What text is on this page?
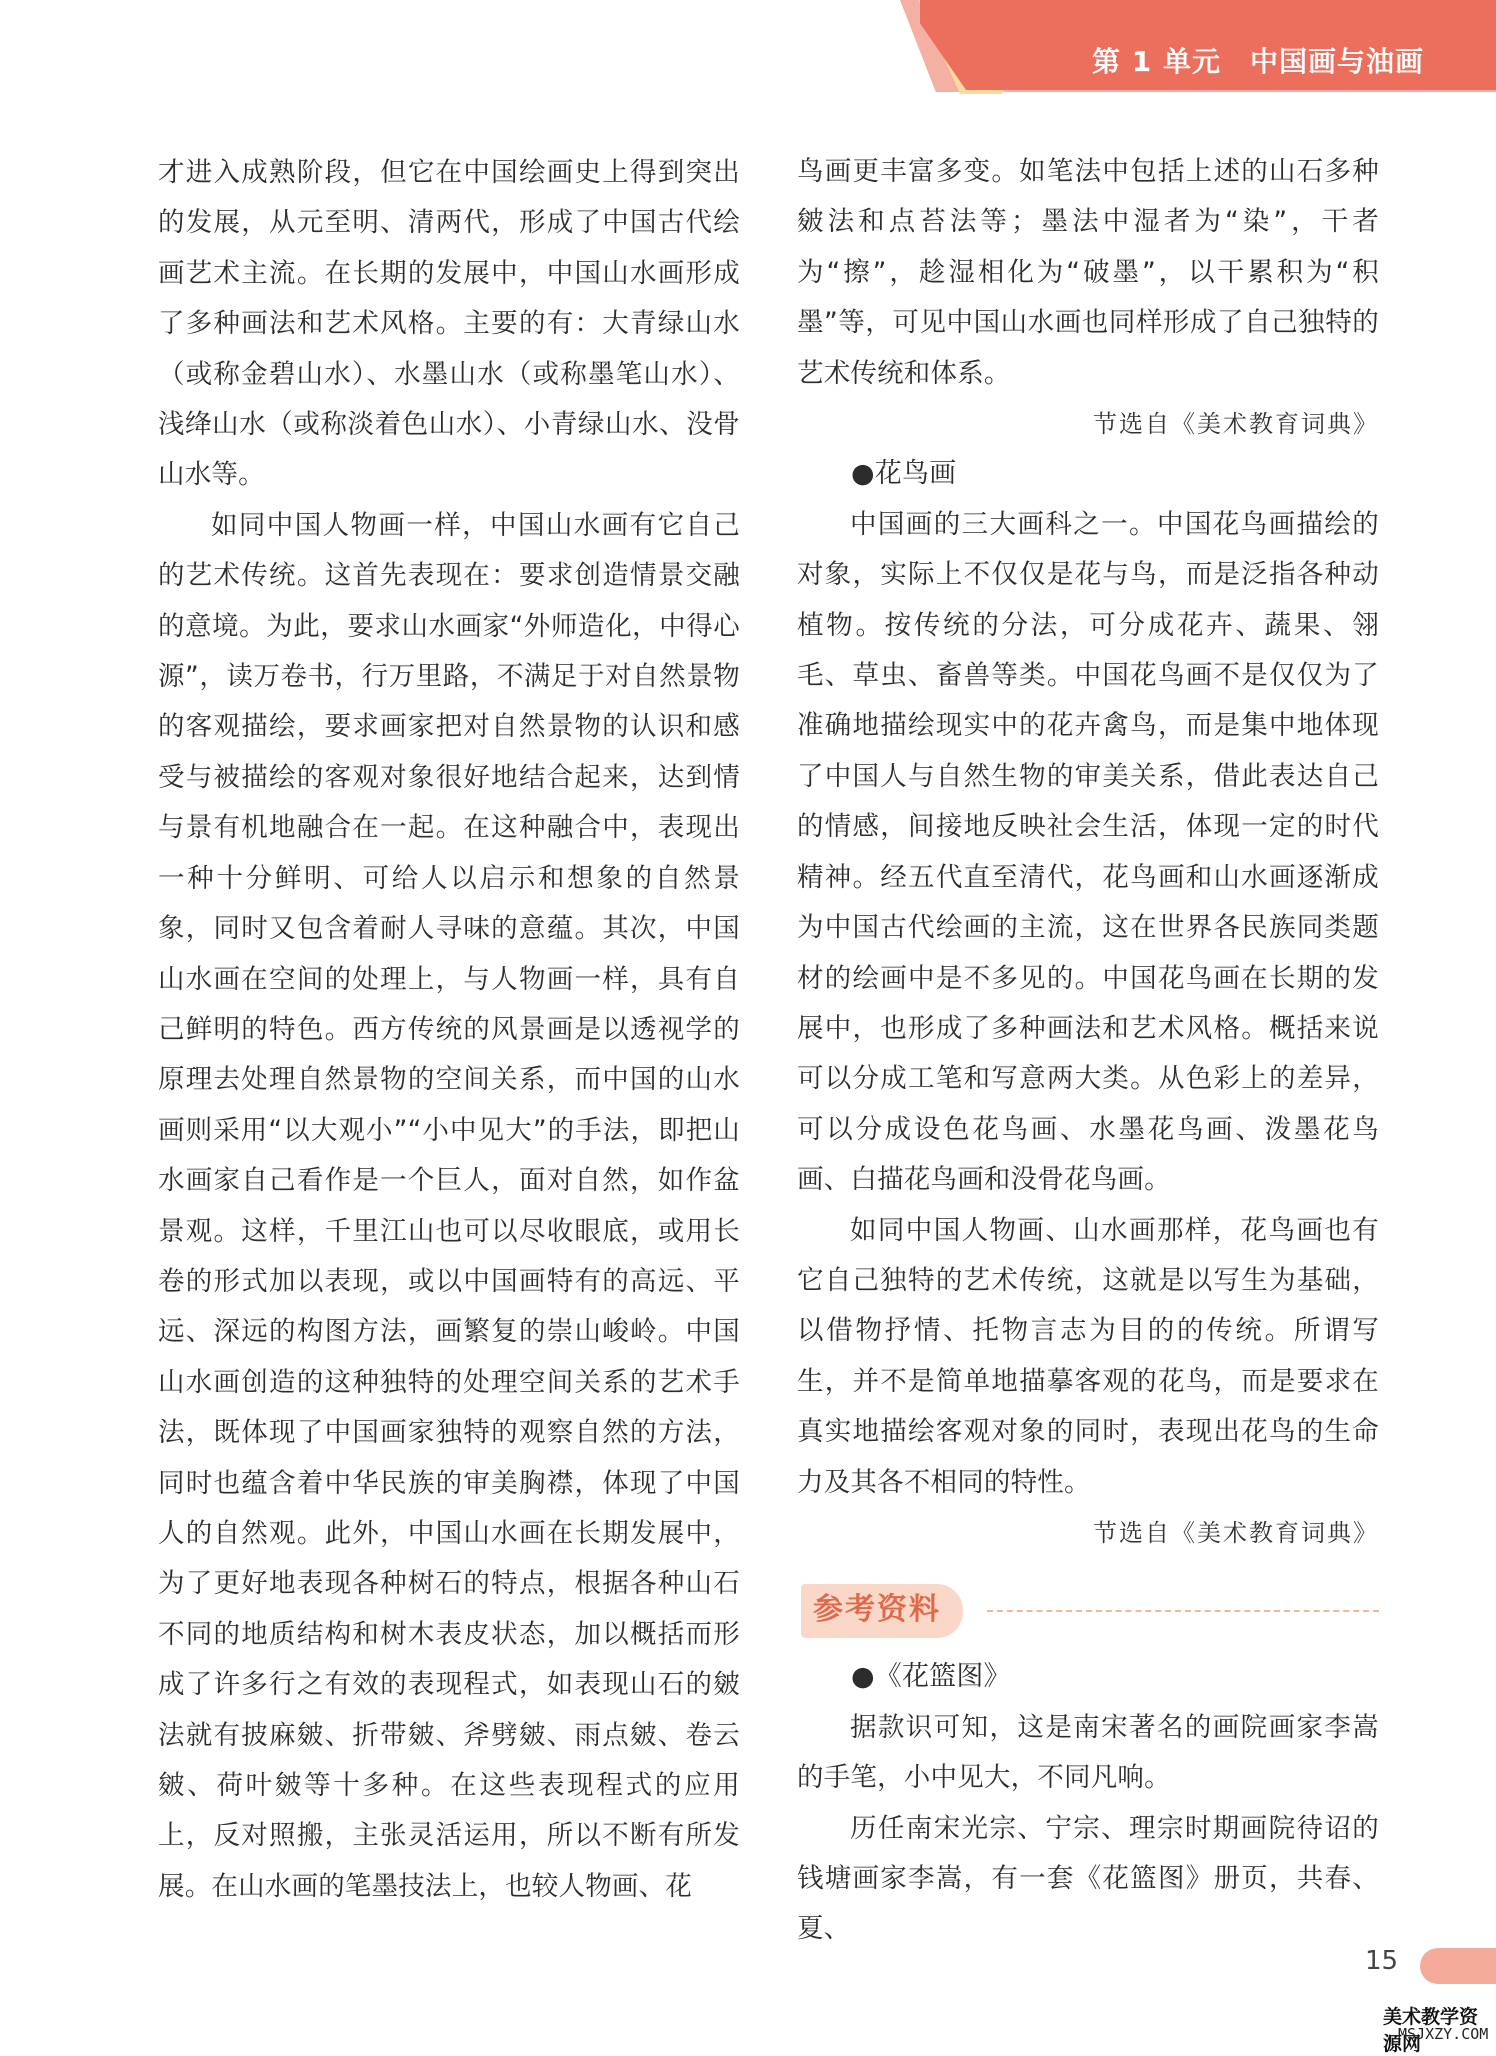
第 1 单元　中国画与油画

才进入成熟阶段，但它在中国绘画史上得到突出的发展，从元至明、清两代，形成了中国古代绘画艺术主流。在长期的发展中，中国山水画形成了多种画法和艺术风格。主要的有：大青绿山水（或称金碧山水）、水墨山水（或称墨笔山水）、浅绛山水（或称淡着色山水）、小青绿山水、没骨山水等。

如同中国人物画一样，中国山水画有它自己的艺术传统。这首先表现在：要求创造情景交融的意境。为此，要求山水画家“外师造化，中得心源”，读万卷书，行万里路，不满足于对自然景物的客观描绘，要求画家把对自然景物的认识和感受与被描绘的客观对象很好地结合起来，达到情与景有机地融合在一起。在这种融合中，表现出一种十分鲜明、可给人以启示和想象的自然景象，同时又包含着耐人寻味的意蕴。其次，中国山水画在空间的处理上，与人物画一样，具有自己鲜明的特色。西方传统的风景画是以透视学的原理去处理自然景物的空间关系，而中国的山水画则采用“以大观小”“小中见大”的手法，即把山水画家自己看作是一个巨人，面对自然，如作盆景观。这样，千里江山也可以尽收眼底，或用长卷的形式加以表现，或以中国画特有的高远、平远、深远的构图方法，画繁复的崇山峻岭。中国山水画创造的这种独特的处理空间关系的艺术手法，既体现了中国画家独特的观察自然的方法，同时也蕴含着中华民族的审美胸襟，体现了中国人的自然观。此外，中国山水画在长期发展中，为了更好地表现各种树石的特点，根据各种山石不同的地质结构和树木表皮状态，加以概括而形成了许多行之有效的表现程式，如表现山石的皴法就有披麻皴、折带皴、斧劈皴、雨点皴、卷云皴、荷叶皴等十多种。在这些表现程式的应用上，反对照搬，主张灵活运用，所以不断有所发展。在山水画的笔墨技法上，也较人物画、花

鸟画更丰富多变。如笔法中包括上述的山石多种皴法和点苔法等；墨法中湿者为“染”，干者为“擦”，趁湿相化为“破墨”，以干累积为“积墨”等，可见中国山水画也同样形成了自己独特的艺术传统和体系。

节选自《美术教育词典》

●花鸟画

中国画的三大画科之一。中国花鸟画描绘的对象，实际上不仅仅是花与鸟，而是泛指各种动植物。按传统的分法，可分成花卉、蔬果、翎毛、草虫、畜兽等类。中国花鸟画不是仅仅为了准确地描绘现实中的花卉禽鸟，而是集中地体现了中国人与自然生物的审美关系，借此表达自己的情感，间接地反映社会生活，体现一定的时代精神。经五代直至清代，花鸟画和山水画逐渐成为中国古代绘画的主流，这在世界各民族同类题材的绘画中是不多见的。中国花鸟画在长期的发展中，也形成了多种画法和艺术风格。概括来说可以分成工笔和写意两大类。从色彩上的差异，可以分成设色花鸟画、水墨花鸟画、泼墨花鸟画、白描花鸟画和没骨花鸟画。

如同中国人物画、山水画那样，花鸟画也有它自己独特的艺术传统，这就是以写生为基础，以借物抒情、托物言志为目的的传统。所谓写生，并不是简单地描摹客观的花鸟，而是要求在真实地描绘客观对象的同时，表现出花鸟的生命力及其各不相同的特性。

节选自《美术教育词典》

参考资料

●《花篮图》

据款识可知，这是南宋著名的画院画家李嵩的手笔，小中见大，不同凡响。

历任南宋光宗、宁宗、理宗时期画院待诏的钱塘画家李嵩，有一套《花篮图》册页，共春、夏、

15
美术教学资源网
MSJXZY.COM
